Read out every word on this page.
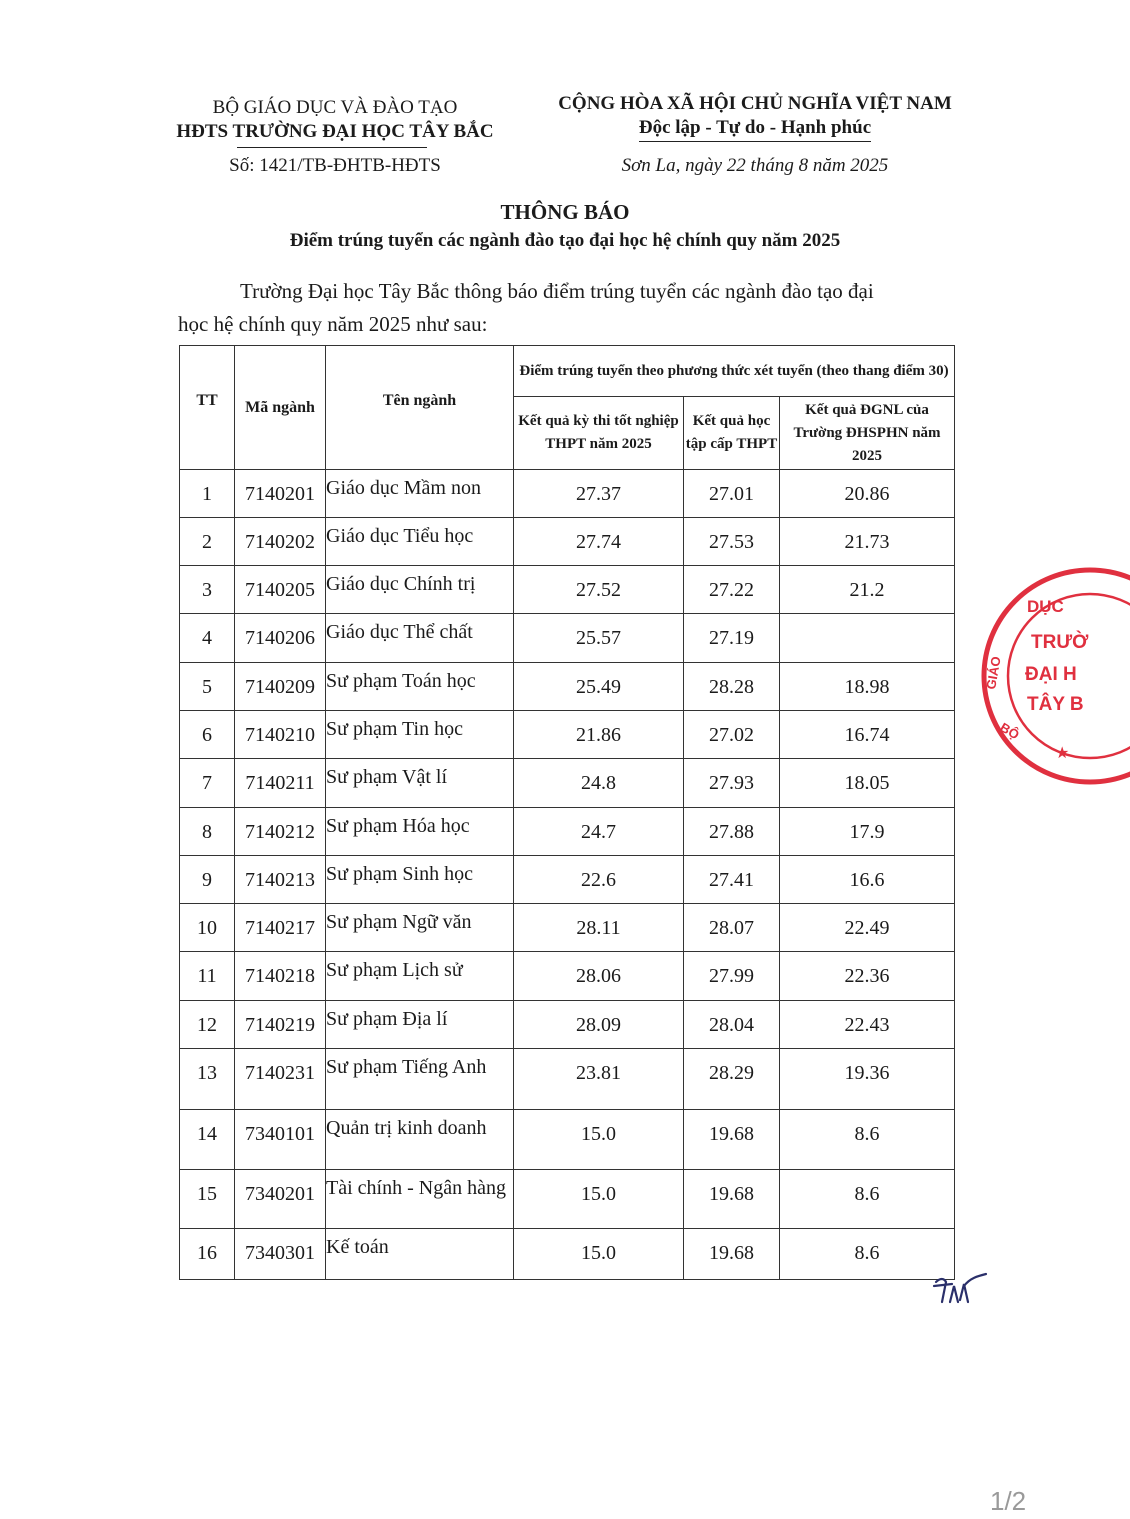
BỘ GIÁO DỤC VÀ ĐÀO TẠO
HĐTS TRƯỜNG ĐẠI HỌC TÂY BẮC
Số: 1421/TB-ĐHTB-HĐTS
CỘNG HÒA XÃ HỘI CHỦ NGHĨA VIỆT NAM
Độc lập - Tự do - Hạnh phúc
Sơn La, ngày 22 tháng 8 năm 2025
THÔNG BÁO
Điểm trúng tuyển các ngành đào tạo đại học hệ chính quy năm 2025
Trường Đại học Tây Bắc thông báo điểm trúng tuyển các ngành đào tạo đại
học hệ chính quy năm 2025 như sau:
TT	Mã ngành	Tên ngành	Điểm trúng tuyển theo phương thức xét tuyển (theo thang điểm 30)		
			Kết quả kỳ thi tốt nghiệp THPT năm 2025	Kết quả học tập cấp THPT	Kết quả ĐGNL của Trường ĐHSPHN năm 2025
1	7140201	Giáo dục Mầm non	27.37	27.01	20.86
2	7140202	Giáo dục Tiểu học	27.74	27.53	21.73
3	7140205	Giáo dục Chính trị	27.52	27.22	21.2
4	7140206	Giáo dục Thể chất	25.57	27.19	
5	7140209	Sư phạm Toán học	25.49	28.28	18.98
6	7140210	Sư phạm Tin học	21.86	27.02	16.74
7	7140211	Sư phạm Vật lí	24.8	27.93	18.05
8	7140212	Sư phạm Hóa học	24.7	27.88	17.9
9	7140213	Sư phạm Sinh học	22.6	27.41	16.6
10	7140217	Sư phạm Ngữ văn	28.11	28.07	22.49
11	7140218	Sư phạm Lịch sử	28.06	27.99	22.36
12	7140219	Sư phạm Địa lí	28.09	28.04	22.43
13	7140231	Sư phạm Tiếng Anh	23.81	28.29	19.36
14	7340101	Quản trị kinh doanh	15.0	19.68	8.6
15	7340201	Tài chính - Ngân hàng	15.0	19.68	8.6
16	7340301	Kế toán	15.0	19.68	8.6
DỤC
GIÁO
TRƯỜ
ĐẠI H
TÂY B
BỘ
★
1/2
